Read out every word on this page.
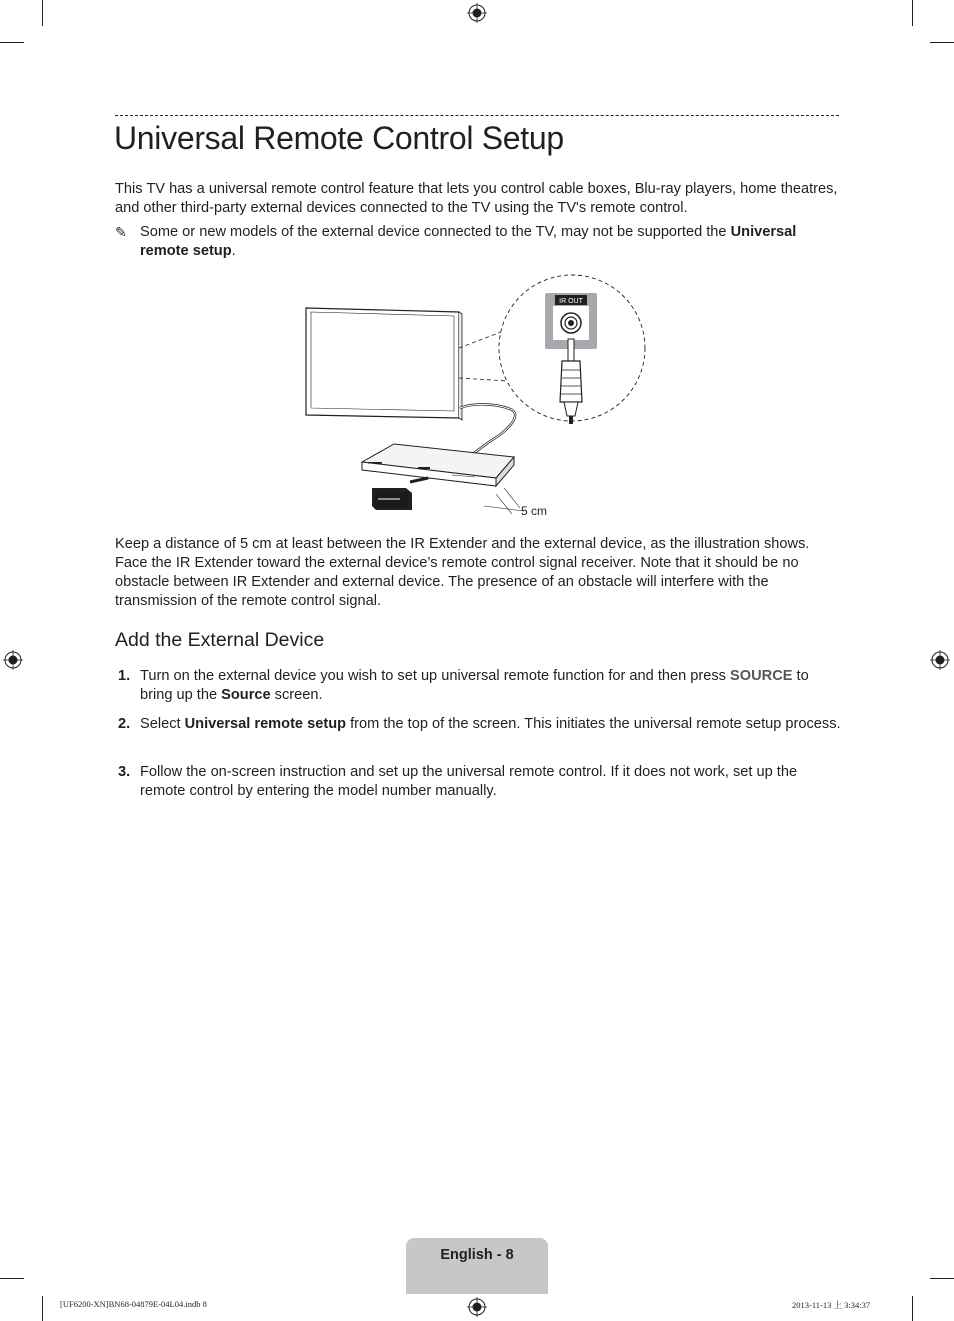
Universal Remote Control Setup

This TV has a universal remote control feature that lets you control cable boxes, Blu-ray players, home theatres, and other third-party external devices connected to the TV using the TV's remote control.

✎ Some or new models of the external device connected to the TV, may not be supported the Universal remote setup.
5 cm
IR OUT

Keep a distance of 5 cm at least between the IR Extender and the external device, as the illustration shows. Face the IR Extender toward the external device’s remote control signal receiver. Note that it should be no obstacle between IR Extender and external device. The presence of an obstacle will interfere with the transmission of the remote control signal.

Add the External Device
1. Turn on the external device you wish to set up universal remote function for and then press SOURCE to bring up the Source screen.
2. Select Universal remote setup from the top of the screen. This initiates the universal remote setup process.
3. Follow the on-screen instruction and set up the universal remote control. If it does not work, set up the remote control by entering the model number manually.
English - 8
[UF6200-XN]BN68-04879E-04L04.indb 8	2013-11-13 上 3:34:37
